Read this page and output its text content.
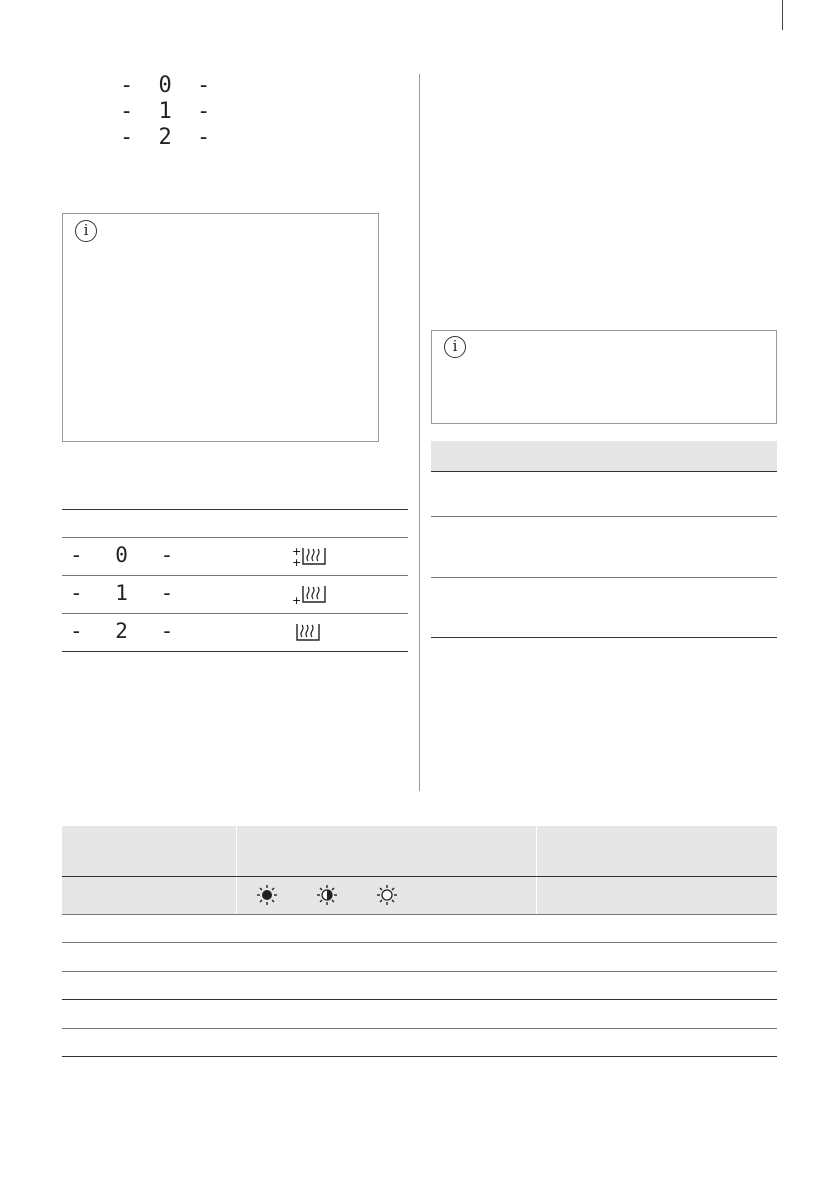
- 0 -
- 1 -
- 2 -
i
- 0 -	+
+
- 1 -	+
- 2 -
i
